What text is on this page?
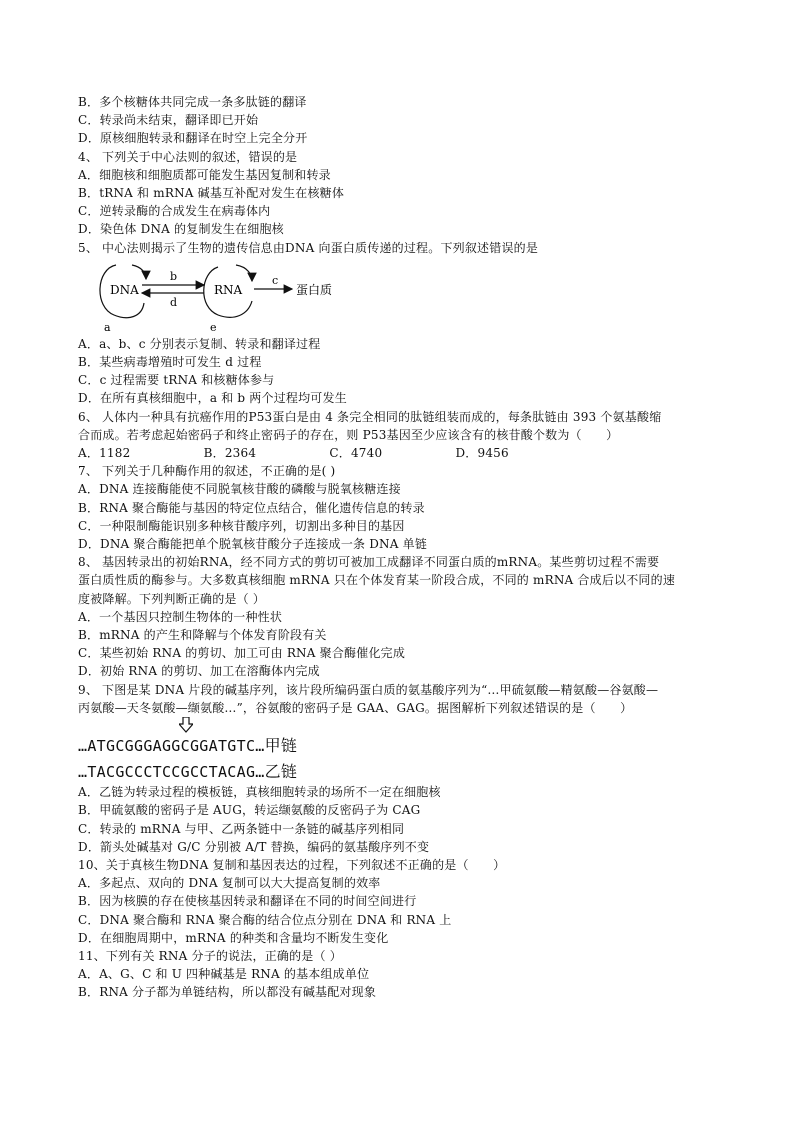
B．多个核糖体共同完成一条多肽链的翻译
C．转录尚未结束，翻译即已开始
D．原核细胞转录和翻译在时空上完全分开
4、 下列关于中心法则的叙述，错误的是
A．细胞核和细胞质都可能发生基因复制和转录
B．tRNA 和 mRNA 碱基互补配对发生在核糖体
C．逆转录酶的合成发生在病毒体内
D．染色体 DNA 的复制发生在细胞核
5、 中心法则揭示了生物的遗传信息由DNA 向蛋白质传递的过程。下列叙述错误的是
DNA	RNA	蛋白质
b
d
c
a	e
A．a、b、c 分别表示复制、转录和翻译过程
B．某些病毒增殖时可发生 d 过程
C．c 过程需要 tRNA 和核糖体参与
D．在所有真核细胞中，a 和 b 两个过程均可发生
6、 人体内一种具有抗癌作用的P53蛋白是由 4 条完全相同的肽链组装而成的，每条肽链由 393 个氨基酸缩
合而成。若考虑起始密码子和终止密码子的存在，则 P53基因至少应该含有的核苷酸个数为（　　）
A．1182　　　　　　B．2364　　　　　　C．4740　　　　　　D．9456
7、 下列关于几种酶作用的叙述，不正确的是( )
A．DNA 连接酶能使不同脱氧核苷酸的磷酸与脱氧核糖连接
B．RNA 聚合酶能与基因的特定位点结合，催化遗传信息的转录
C．一种限制酶能识别多种核苷酸序列，切割出多种目的基因
D．DNA 聚合酶能把单个脱氧核苷酸分子连接成一条 DNA 单链
8、 基因转录出的初始RNA，经不同方式的剪切可被加工成翻译不同蛋白质的mRNA。某些剪切过程不需要
蛋白质性质的酶参与。大多数真核细胞 mRNA 只在个体发育某一阶段合成，不同的 mRNA 合成后以不同的速
度被降解。下列判断正确的是（ ）
A．一个基因只控制生物体的一种性状
B．mRNA 的产生和降解与个体发育阶段有关
C．某些初始 RNA 的剪切、加工可由 RNA 聚合酶催化完成
D．初始 RNA 的剪切、加工在溶酶体内完成
9、 下图是某 DNA 片段的碱基序列，该片段所编码蛋白质的氨基酸序列为“…甲硫氨酸—精氨酸—谷氨酸—
丙氨酸—天冬氨酸—缬氨酸…”，谷氨酸的密码子是 GAA、GAG。据图解析下列叙述错误的是（　　）
…ATGCGGGAGGCGGATGTC…甲链
…TACGCCCTCCGCCTACAG…乙链
A．乙链为转录过程的模板链，真核细胞转录的场所不一定在细胞核
B．甲硫氨酸的密码子是 AUG，转运缬氨酸的反密码子为 CAG
C．转录的 mRNA 与甲、乙两条链中一条链的碱基序列相同
D．箭头处碱基对 G/C 分别被 A/T 替换，编码的氨基酸序列不变
10、关于真核生物DNA 复制和基因表达的过程，下列叙述不正确的是（　　）
A．多起点、双向的 DNA 复制可以大大提高复制的效率
B．因为核膜的存在使核基因转录和翻译在不同的时间空间进行
C．DNA 聚合酶和 RNA 聚合酶的结合位点分别在 DNA 和 RNA 上
D．在细胞周期中，mRNA 的种类和含量均不断发生变化
11、下列有关 RNA 分子的说法，正确的是（ ）
A．A、G、C 和 U 四种碱基是 RNA 的基本组成单位
B．RNA 分子都为单链结构，所以都没有碱基配对现象
